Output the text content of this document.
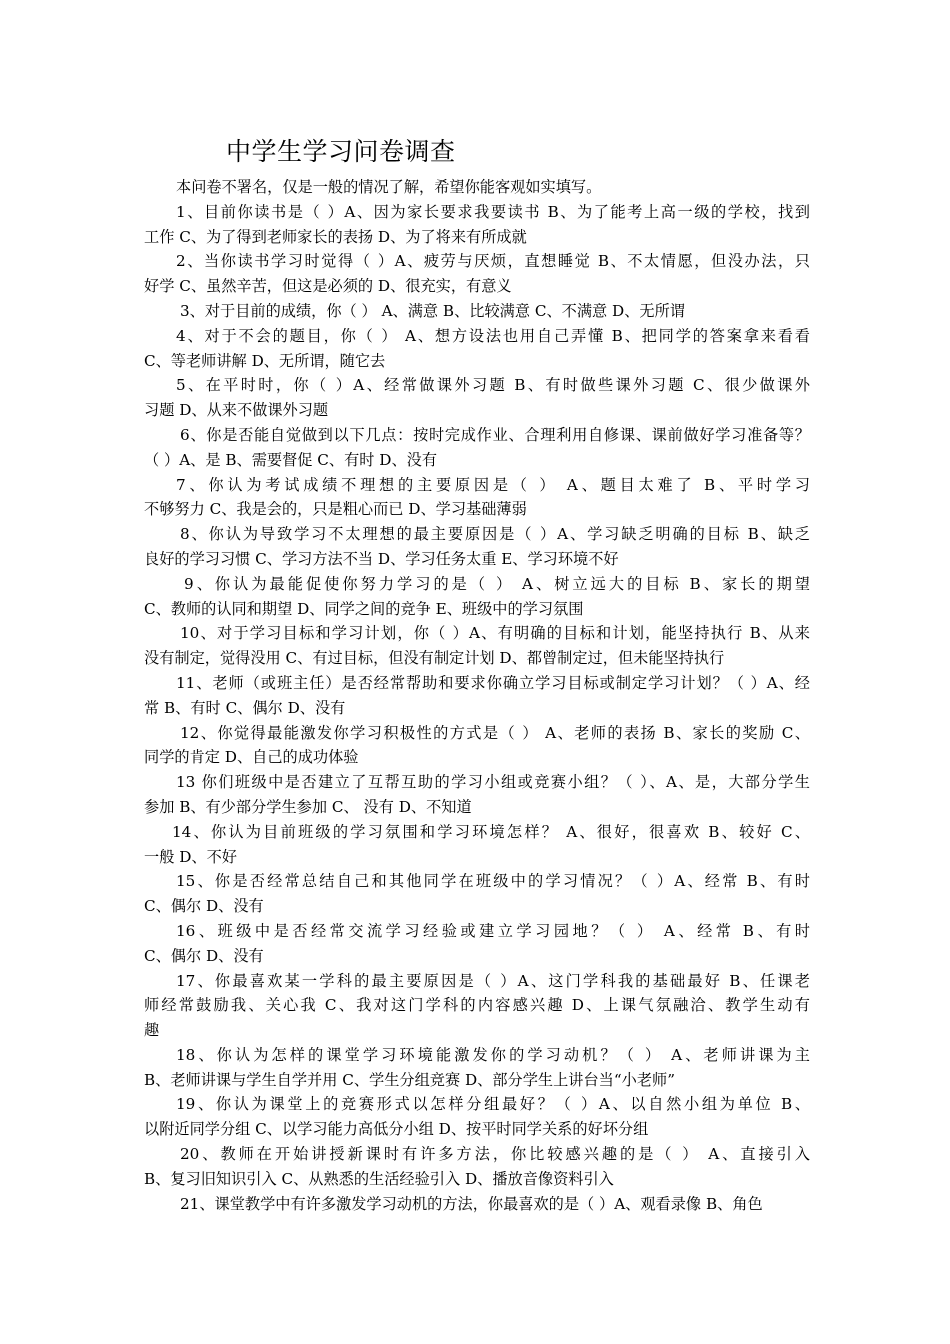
中学生学习问卷调查

本问卷不署名，仅是一般的情况了解，希望你能客观如实填写。

1、目前你读书是（ ）A、因为家长要求我要读书 B、为了能考上高一级的学校，找到
工作 C、为了得到老师家长的表扬 D、为了将来有所成就

2、当你读书学习时觉得（ ）A、疲劳与厌烦，直想睡觉 B、不太情愿，但没办法，只
好学 C、虽然辛苦，但这是必须的 D、很充实，有意义

3、对于目前的成绩，你（ ） A、满意 B、比较满意 C、不满意 D、无所谓

4、对于不会的题目，你（ ） A、想方设法也用自己弄懂 B、把同学的答案拿来看看
C、等老师讲解 D、无所谓，随它去

5、在平时时，你（ ）A、经常做课外习题 B、有时做些课外习题 C、很少做课外
习题 D、从来不做课外习题

6、你是否能自觉做到以下几点：按时完成作业、合理利用自修课、课前做好学习准备等？
（ ）A、是 B、需要督促 C、有时 D、没有

7、你认为考试成绩不理想的主要原因是（ ） A、题目太难了 B、平时学习
不够努力 C、我是会的，只是粗心而已 D、学习基础薄弱

8、你认为导致学习不太理想的最主要原因是（ ）A、学习缺乏明确的目标 B、缺乏
良好的学习习惯 C、学习方法不当 D、学习任务太重 E、学习环境不好

9、你认为最能促使你努力学习的是（ ） A、树立远大的目标 B、家长的期望
C、教师的认同和期望 D、同学之间的竞争 E、班级中的学习氛围

10、对于学习目标和学习计划，你（ ）A、有明确的目标和计划，能坚持执行 B、从来
没有制定，觉得没用 C、有过目标，但没有制定计划 D、都曾制定过，但未能坚持执行

11、老师（或班主任）是否经常帮助和要求你确立学习目标或制定学习计划？（ ）A、经
常 B、有时 C、偶尔 D、没有

12、你觉得最能激发你学习积极性的方式是（ ） A、老师的表扬 B、家长的奖励 C、
同学的肯定 D、自己的成功体验

13 你们班级中是否建立了互帮互助的学习小组或竞赛小组？（ ）、A、是，大部分学生
参加 B、有少部分学生参加 C、 没有 D、不知道

14、你认为目前班级的学习氛围和学习环境怎样？ A、很好，很喜欢 B、较好 C、
一般 D、不好

15、你是否经常总结自己和其他同学在班级中的学习情况？（ ）A、经常 B、有时
C、偶尔 D、没有

16、班级中是否经常交流学习经验或建立学习园地？（ ） A、经常 B、有时
C、偶尔 D、没有

17、你最喜欢某一学科的最主要原因是（ ）A、这门学科我的基础最好 B、任课老
师经常鼓励我、关心我 C、我对这门学科的内容感兴趣 D、上课气氛融洽、教学生动有
趣

18、你认为怎样的课堂学习环境能激发你的学习动机？（ ） A、老师讲课为主
B、老师讲课与学生自学并用 C、学生分组竞赛 D、部分学生上讲台当“小老师”

19、你认为课堂上的竞赛形式以怎样分组最好？（ ）A、以自然小组为单位 B、
以附近同学分组 C、以学习能力高低分小组 D、按平时同学关系的好坏分组

20、教师在开始讲授新课时有许多方法，你比较感兴趣的是（ ） A、直接引入
B、复习旧知识引入 C、从熟悉的生活经验引入 D、播放音像资料引入

21、课堂教学中有许多激发学习动机的方法，你最喜欢的是（ ）A、观看录像 B、角色
